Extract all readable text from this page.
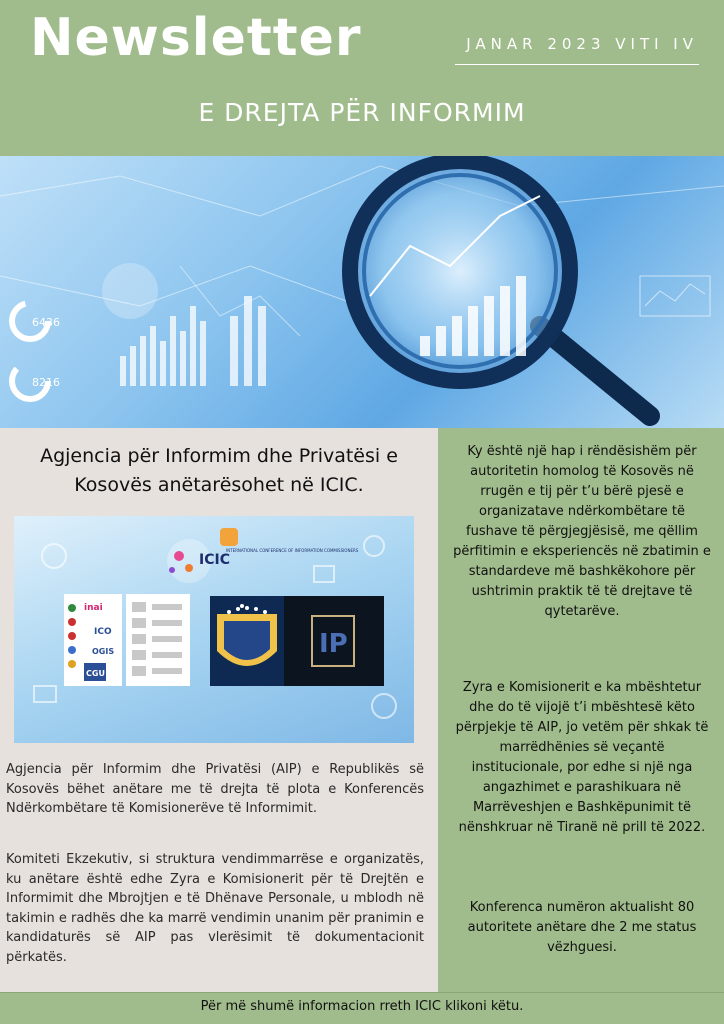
Newsletter	JANAR 2023 VITI IV
E DREJTA PËR INFORMIM
6436
8216
Agjencia për Informim dhe Privatësi e Kosovës anëtarësohet në ICIC.
ICIC
INTERNATIONAL CONFERENCE OF INFORMATION COMMISSIONERS
inai
ICO
OGIS
CGU
IP

Agjencia për Informim dhe Privatësi (AIP) e Republikës së Kosovës bëhet anëtare me të drejta të plota e Konferencës Ndërkombëtare të Komisionerëve të Informimit.

Komiteti Ekzekutiv, si struktura vendimmarrëse e organizatës, ku anëtare është edhe Zyra e Komisionerit për të Drejtën e Informimit dhe Mbrojtjen e të Dhënave Personale, u mblodh në takimin e radhës dhe ka marrë vendimin unanim për pranimin e kandidaturës së AIP pas vlerësimit të dokumentacionit përkatës.

Ky është një hap i rëndësishëm për autoritetin homolog të Kosovës në rrugën e tij për t’u bërë pjesë e organizatave ndërkombëtare të fushave të përgjegjësisë, me qëllim përfitimin e eksperiencës në zbatimin e standardeve më bashkëkohore për ushtrimin praktik të të drejtave të qytetarëve.

Zyra e Komisionerit e ka mbështetur dhe do të vijojë t’i mbështesë këto përpjekje të AIP, jo vetëm për shkak të marrëdhënies së veçantë institucionale, por edhe si një nga angazhimet e parashikuara në Marrëveshjen e Bashkëpunimit të nënshkruar në Tiranë në prill të 2022.

Konferenca numëron aktualisht 80 autoritete anëtare dhe 2 me status vëzhguesi.

Për më shumë informacion rreth ICIC klikoni këtu.
